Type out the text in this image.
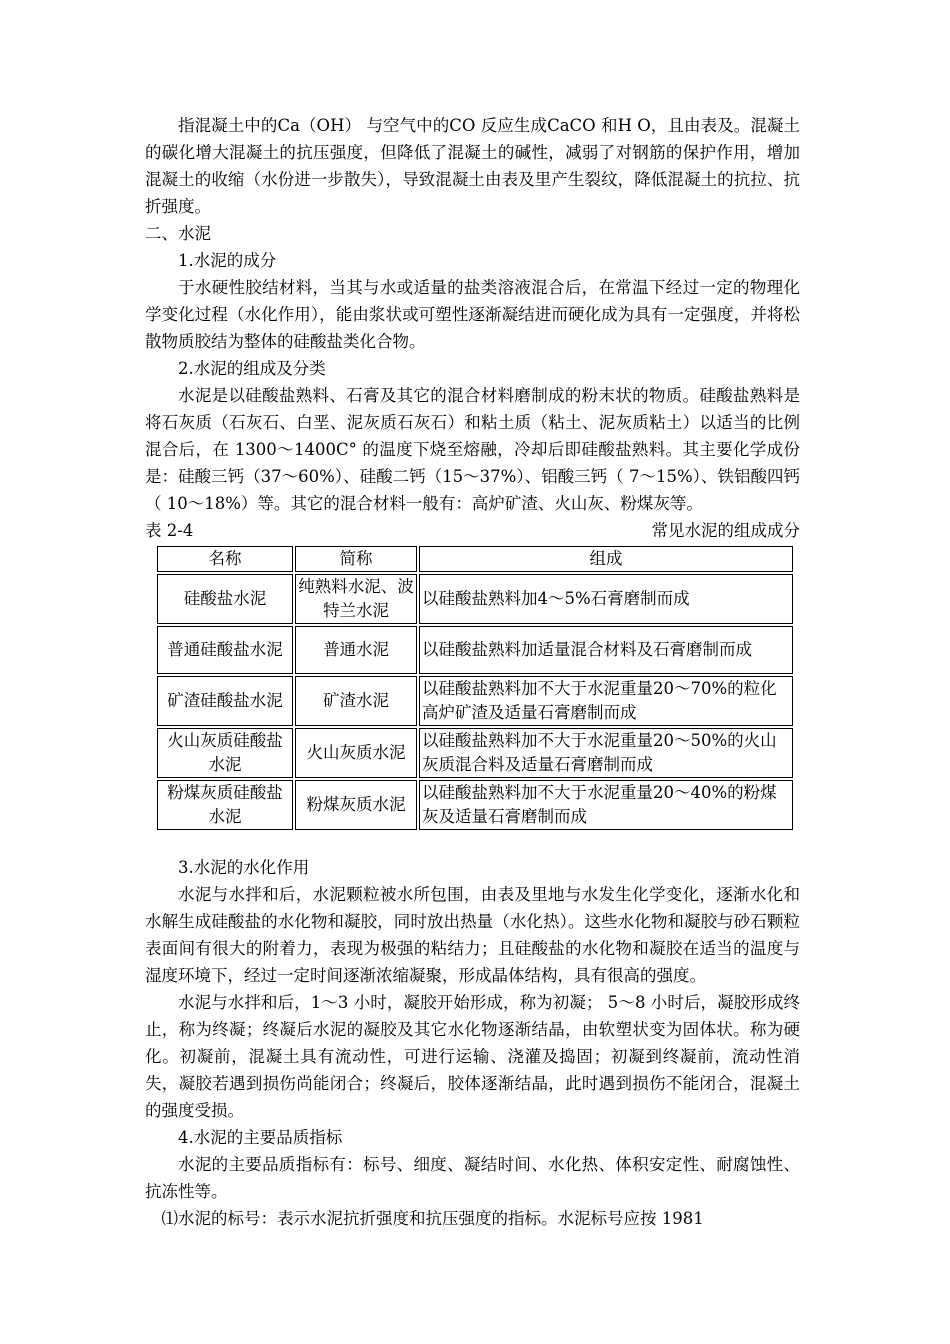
指混凝土中的Ca（OH） 与空气中的CO 反应生成CaCO 和H O，且由表及。混凝土的碳化增大混凝土的抗压强度，但降低了混凝土的碱性，减弱了对钢筋的保护作用，增加混凝土的收缩（水份进一步散失），导致混凝土由表及里产生裂纹，降低混凝土的抗拉、抗折强度。

二、水泥

1.水泥的成分

于水硬性胶结材料，当其与水或适量的盐类溶液混合后，在常温下经过一定的物理化学变化过程（水化作用），能由浆状或可塑性逐渐凝结进而硬化成为具有一定强度，并将松散物质胶结为整体的硅酸盐类化合物。

2.水泥的组成及分类

水泥是以硅酸盐熟料、石膏及其它的混合材料磨制成的粉末状的物质。硅酸盐熟料是将石灰质（石灰石、白垩、泥灰质石灰石）和粘土质（粘土、泥灰质粘土）以适当的比例混合后，在 1300～1400C° 的温度下烧至熔融，冷却后即硅酸盐熟料。其主要化学成份是：硅酸三钙（37～60%）、硅酸二钙（15～37%）、铝酸三钙（ 7～15%）、铁铝酸四钙（ 10～18%）等。其它的混合材料一般有：高炉矿渣、火山灰、粉煤灰等。

表 2-4	常见水泥的组成成分
名称	简称	组成
硅酸盐水泥	纯熟料水泥、波特兰水泥	以硅酸盐熟料加4～5%石膏磨制而成
普通硅酸盐水泥	普通水泥	以硅酸盐熟料加适量混合材料及石膏磨制而成
矿渣硅酸盐水泥	矿渣水泥	以硅酸盐熟料加不大于水泥重量20～70%的粒化高炉矿渣及适量石膏磨制而成
火山灰质硅酸盐水泥	火山灰质水泥	以硅酸盐熟料加不大于水泥重量20～50%的火山灰质混合料及适量石膏磨制而成
粉煤灰质硅酸盐水泥	粉煤灰质水泥	以硅酸盐熟料加不大于水泥重量20～40%的粉煤灰及适量石膏磨制而成

3.水泥的水化作用

水泥与水拌和后，水泥颗粒被水所包围，由表及里地与水发生化学变化，逐渐水化和水解生成硅酸盐的水化物和凝胶，同时放出热量（水化热）。这些水化物和凝胶与砂石颗粒表面间有很大的附着力，表现为极强的粘结力；且硅酸盐的水化物和凝胶在适当的温度与湿度环境下，经过一定时间逐渐浓缩凝聚，形成晶体结构，具有很高的强度。

水泥与水拌和后，1～3 小时，凝胶开始形成，称为初凝； 5～8 小时后，凝胶形成终止，称为终凝；终凝后水泥的凝胶及其它水化物逐渐结晶，由软塑状变为固体状。称为硬化。初凝前，混凝土具有流动性，可进行运输、浇灌及捣固；初凝到终凝前，流动性消失，凝胶若遇到损伤尚能闭合；终凝后，胶体逐渐结晶，此时遇到损伤不能闭合，混凝土的强度受损。

4.水泥的主要品质指标

水泥的主要品质指标有：标号、细度、凝结时间、水化热、体积安定性、耐腐蚀性、抗冻性等。

⑴水泥的标号：表示水泥抗折强度和抗压强度的指标。水泥标号应按 1981
